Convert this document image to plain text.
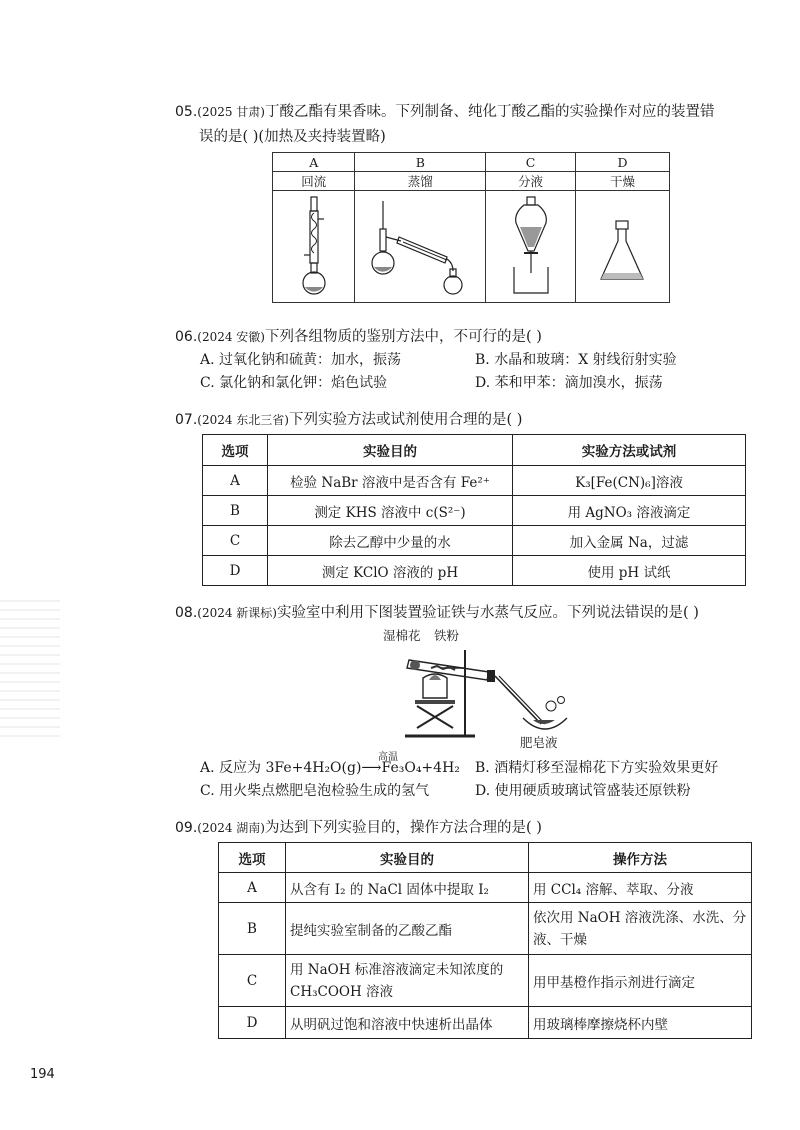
05.(2025 甘肃)丁酸乙酯有果香味。下列制备、纯化丁酸乙酯的实验操作对应的装置错
误的是( )(加热及夹持装置略)
A	B	C	D
回流	蒸馏	分液	干燥

06.(2024 安徽)下列各组物质的鉴别方法中，不可行的是( )
A. 过氧化钠和硫黄：加水，振荡	B. 水晶和玻璃：X 射线衍射实验
C. 氯化钠和氯化钾：焰色试验	D. 苯和甲苯：滴加溴水，振荡
07.(2024 东北三省)下列实验方法或试剂使用合理的是( )
选项	实验目的	实验方法或试剂
A	检验 NaBr 溶液中是否含有 Fe²⁺	K₃[Fe(CN)₆]溶液
B	测定 KHS 溶液中 c(S²⁻)	用 AgNO₃ 溶液滴定
C	除去乙醇中少量的水	加入金属 Na，过滤
D	测定 KClO 溶液的 pH	使用 pH 试纸
08.(2024 新课标)实验室中利用下图装置验证铁与水蒸气反应。下列说法错误的是( )
湿棉花 铁粉
肥皂液
A. 反应为 3Fe+4H₂O(g)⟶Fe₃O₄+4H₂
高温
B. 酒精灯移至湿棉花下方实验效果更好
C. 用火柴点燃肥皂泡检验生成的氢气	D. 使用硬质玻璃试管盛装还原铁粉
09.(2024 湖南)为达到下列实验目的，操作方法合理的是( )
选项	实验目的	操作方法
A	从含有 I₂ 的 NaCl 固体中提取 I₂	用 CCl₄ 溶解、萃取、分液
B	提纯实验室制备的乙酸乙酯	依次用 NaOH 溶液洗涤、水洗、分液、干燥
C	用 NaOH 标准溶液滴定未知浓度的 CH₃COOH 溶液	用甲基橙作指示剂进行滴定
D	从明矾过饱和溶液中快速析出晶体	用玻璃棒摩擦烧杯内壁
194
